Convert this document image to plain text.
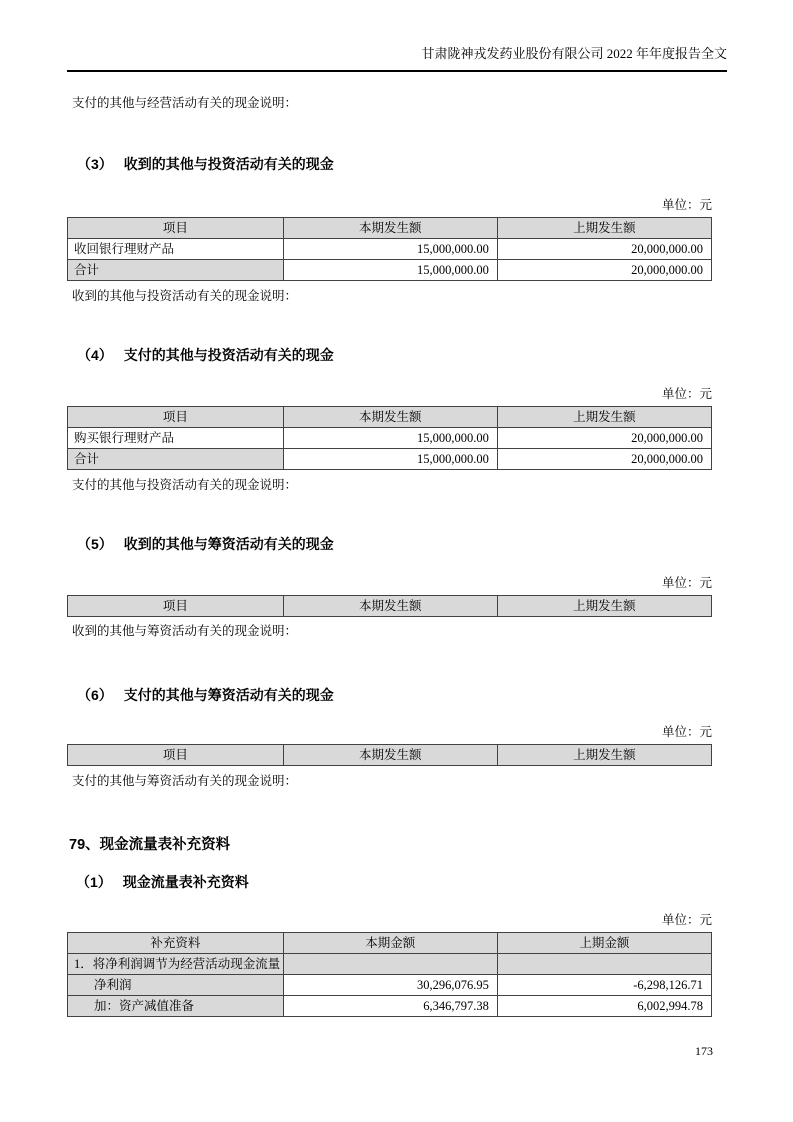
甘肃陇神戎发药业股份有限公司 2022 年年度报告全文

支付的其他与经营活动有关的现金说明：

（3） 收到的其他与投资活动有关的现金
单位：元
项目	本期发生额	上期发生额
收回银行理财产品	15,000,000.00	20,000,000.00
合计	15,000,000.00	20,000,000.00

收到的其他与投资活动有关的现金说明：

（4） 支付的其他与投资活动有关的现金
单位：元
项目	本期发生额	上期发生额
购买银行理财产品	15,000,000.00	20,000,000.00
合计	15,000,000.00	20,000,000.00

支付的其他与投资活动有关的现金说明：

（5） 收到的其他与筹资活动有关的现金
单位：元
项目	本期发生额	上期发生额

收到的其他与筹资活动有关的现金说明：

（6） 支付的其他与筹资活动有关的现金
单位：元
项目	本期发生额	上期发生额

支付的其他与筹资活动有关的现金说明：

79、现金流量表补充资料
（1） 现金流量表补充资料
单位：元
补充资料	本期金额	上期金额
1．将净利润调节为经营活动现金流量		
净利润	30,296,076.95	-6,298,126.71
加：资产减值准备	6,346,797.38	6,002,994.78
173
